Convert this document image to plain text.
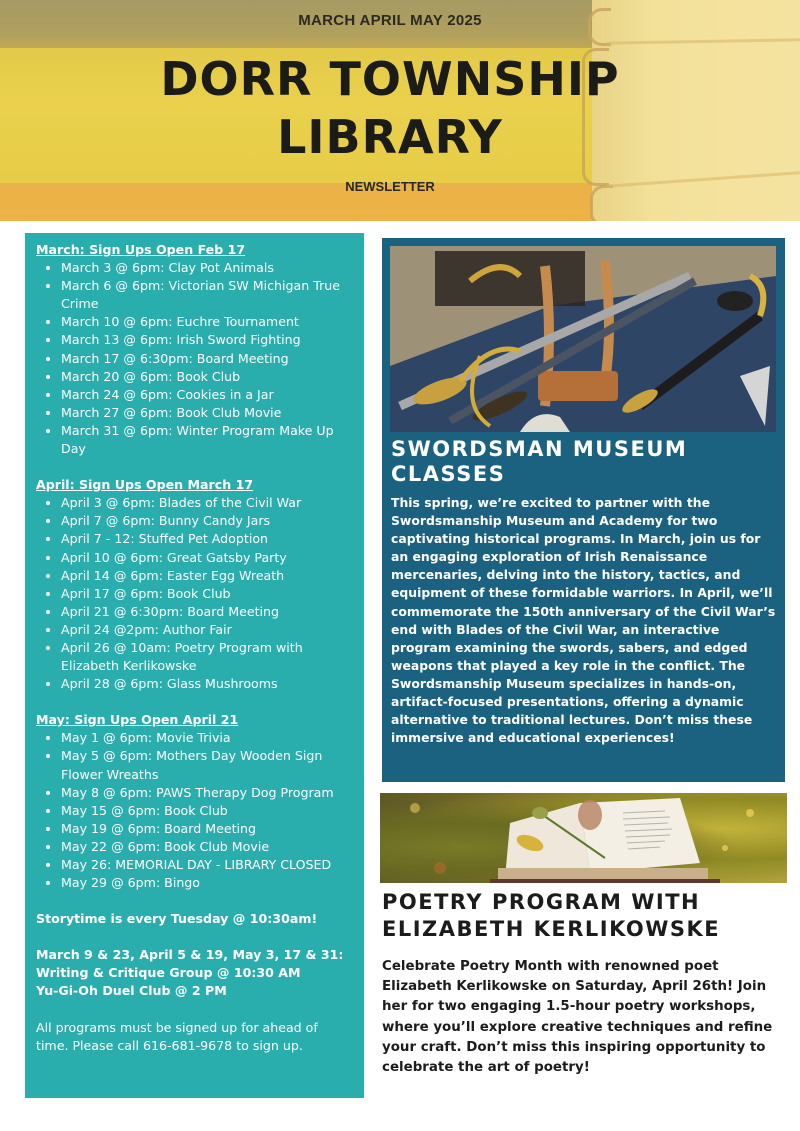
MARCH APRIL MAY 2025
DORR TOWNSHIP
LIBRARY
NEWSLETTER

March: Sign Ups Open Feb 17

March 3 @ 6pm: Clay Pot Animals
March 6 @ 6pm: Victorian SW Michigan True Crime
March 10 @ 6pm: Euchre Tournament
March 13 @ 6pm: Irish Sword Fighting
March 17 @ 6:30pm: Board Meeting
March 20 @ 6pm: Book Club
March 24 @ 6pm: Cookies in a Jar
March 27 @ 6pm: Book Club Movie
March 31 @ 6pm: Winter Program Make Up Day

April: Sign Ups Open March 17

April 3 @ 6pm: Blades of the Civil War
April 7 @ 6pm: Bunny Candy Jars
April 7 - 12: Stuffed Pet Adoption
April 10 @ 6pm: Great Gatsby Party
April 14 @ 6pm: Easter Egg Wreath
April 17 @ 6pm: Book Club
April 21 @ 6:30pm: Board Meeting
April 24 @2pm: Author Fair
April 26 @ 10am: Poetry Program with Elizabeth Kerlikowske
April 28 @ 6pm: Glass Mushrooms

May: Sign Ups Open April 21

May 1 @ 6pm: Movie Trivia
May 5 @ 6pm: Mothers Day Wooden Sign Flower Wreaths
May 8 @ 6pm: PAWS Therapy Dog Program
May 15 @ 6pm: Book Club
May 19 @ 6pm: Board Meeting
May 22 @ 6pm: Book Club Movie
May 26: MEMORIAL DAY - LIBRARY CLOSED
May 29 @ 6pm: Bingo

Storytime is every Tuesday @ 10:30am!

March 9 & 23, April 5 & 19, May 3, 17 & 31:

Writing & Critique Group @ 10:30 AM

Yu-Gi-Oh Duel Club @ 2 PM

All programs must be signed up for ahead of time. Please call 616-681-9678 to sign up.

SWORDSMAN MUSEUM
CLASSES
This spring, we’re excited to partner with the Swordsmanship Museum and Academy for two captivating historical programs. In March, join us for an engaging exploration of Irish Renaissance mercenaries, delving into the history, tactics, and equipment of these formidable warriors. In April, we’ll commemorate the 150th anniversary of the Civil War’s end with Blades of the Civil War, an interactive program examining the swords, sabers, and edged weapons that played a key role in the conflict. The Swordsmanship Museum specializes in hands-on, artifact-focused presentations, offering a dynamic alternative to traditional lectures. Don’t miss these immersive and educational experiences!
POETRY PROGRAM WITH
ELIZABETH KERLIKOWSKE
Celebrate Poetry Month with renowned poet Elizabeth Kerlikowske on Saturday, April 26th! Join her for two engaging 1.5-hour poetry workshops, where you’ll explore creative techniques and refine your craft. Don’t miss this inspiring opportunity to celebrate the art of poetry!
